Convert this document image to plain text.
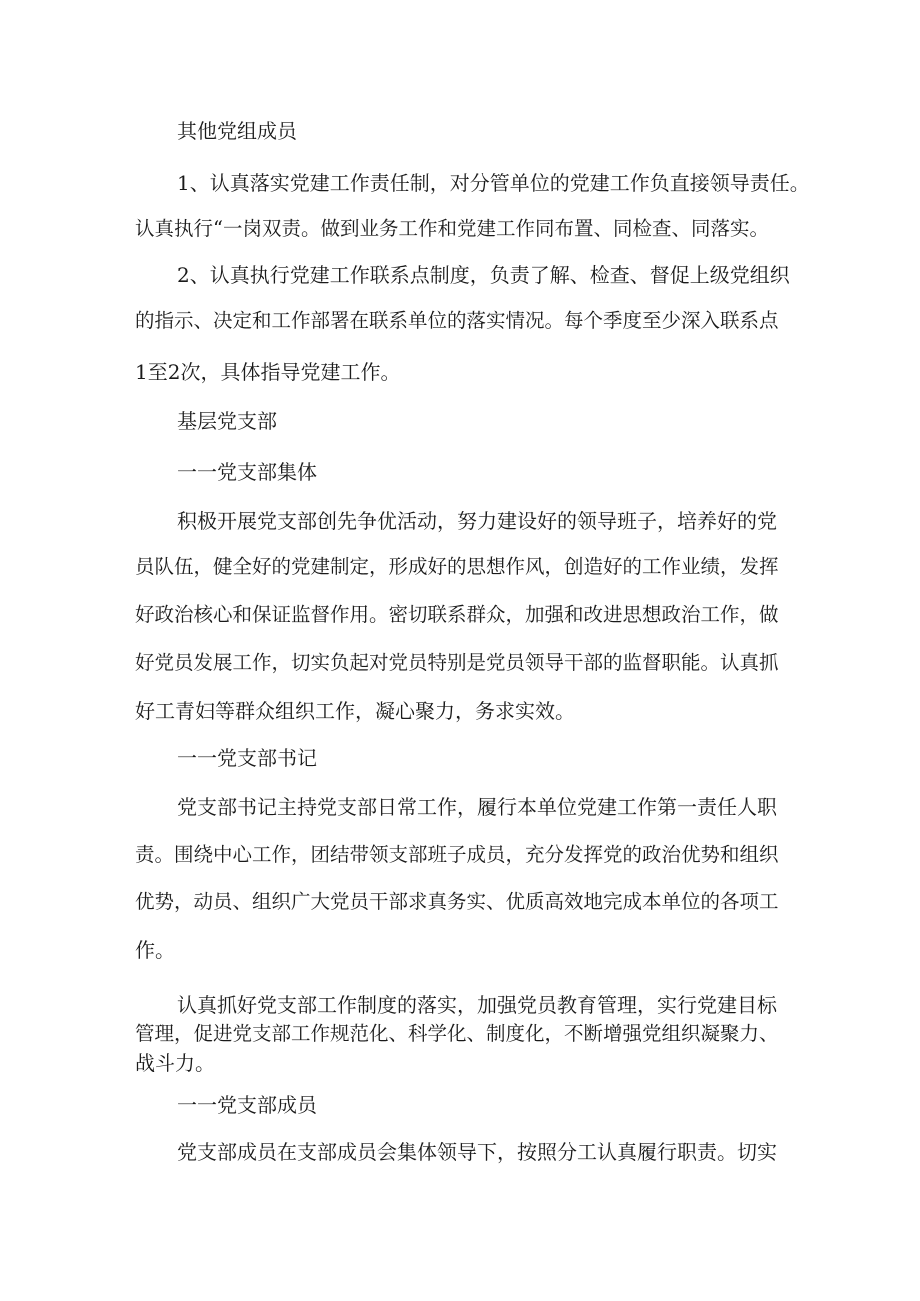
其他党组成员
1、认真落实党建工作责任制，对分管单位的党建工作负直接领导责任。
认真执行“一岗双责。做到业务工作和党建工作同布置、同检查、同落实。
2、认真执行党建工作联系点制度，负责了解、检查、督促上级党组织
的指示、决定和工作部署在联系单位的落实情况。每个季度至少深入联系点
1至2次，具体指导党建工作。
基层党支部
一一党支部集体
积极开展党支部创先争优活动，努力建设好的领导班子，培养好的党
员队伍，健全好的党建制定，形成好的思想作风，创造好的工作业绩，发挥
好政治核心和保证监督作用。密切联系群众，加强和改进思想政治工作，做
好党员发展工作，切实负起对党员特别是党员领导干部的监督职能。认真抓
好工青妇等群众组织工作，凝心聚力，务求实效。
一一党支部书记
党支部书记主持党支部日常工作，履行本单位党建工作第一责任人职
责。围绕中心工作，团结带领支部班子成员，充分发挥党的政治优势和组织
优势，动员、组织广大党员干部求真务实、优质高效地完成本单位的各项工
作。
认真抓好党支部工作制度的落实，加强党员教育管理，实行党建目标
管理，促进党支部工作规范化、科学化、制度化，不断增强党组织凝聚力、
战斗力。
一一党支部成员
党支部成员在支部成员会集体领导下，按照分工认真履行职责。切实
